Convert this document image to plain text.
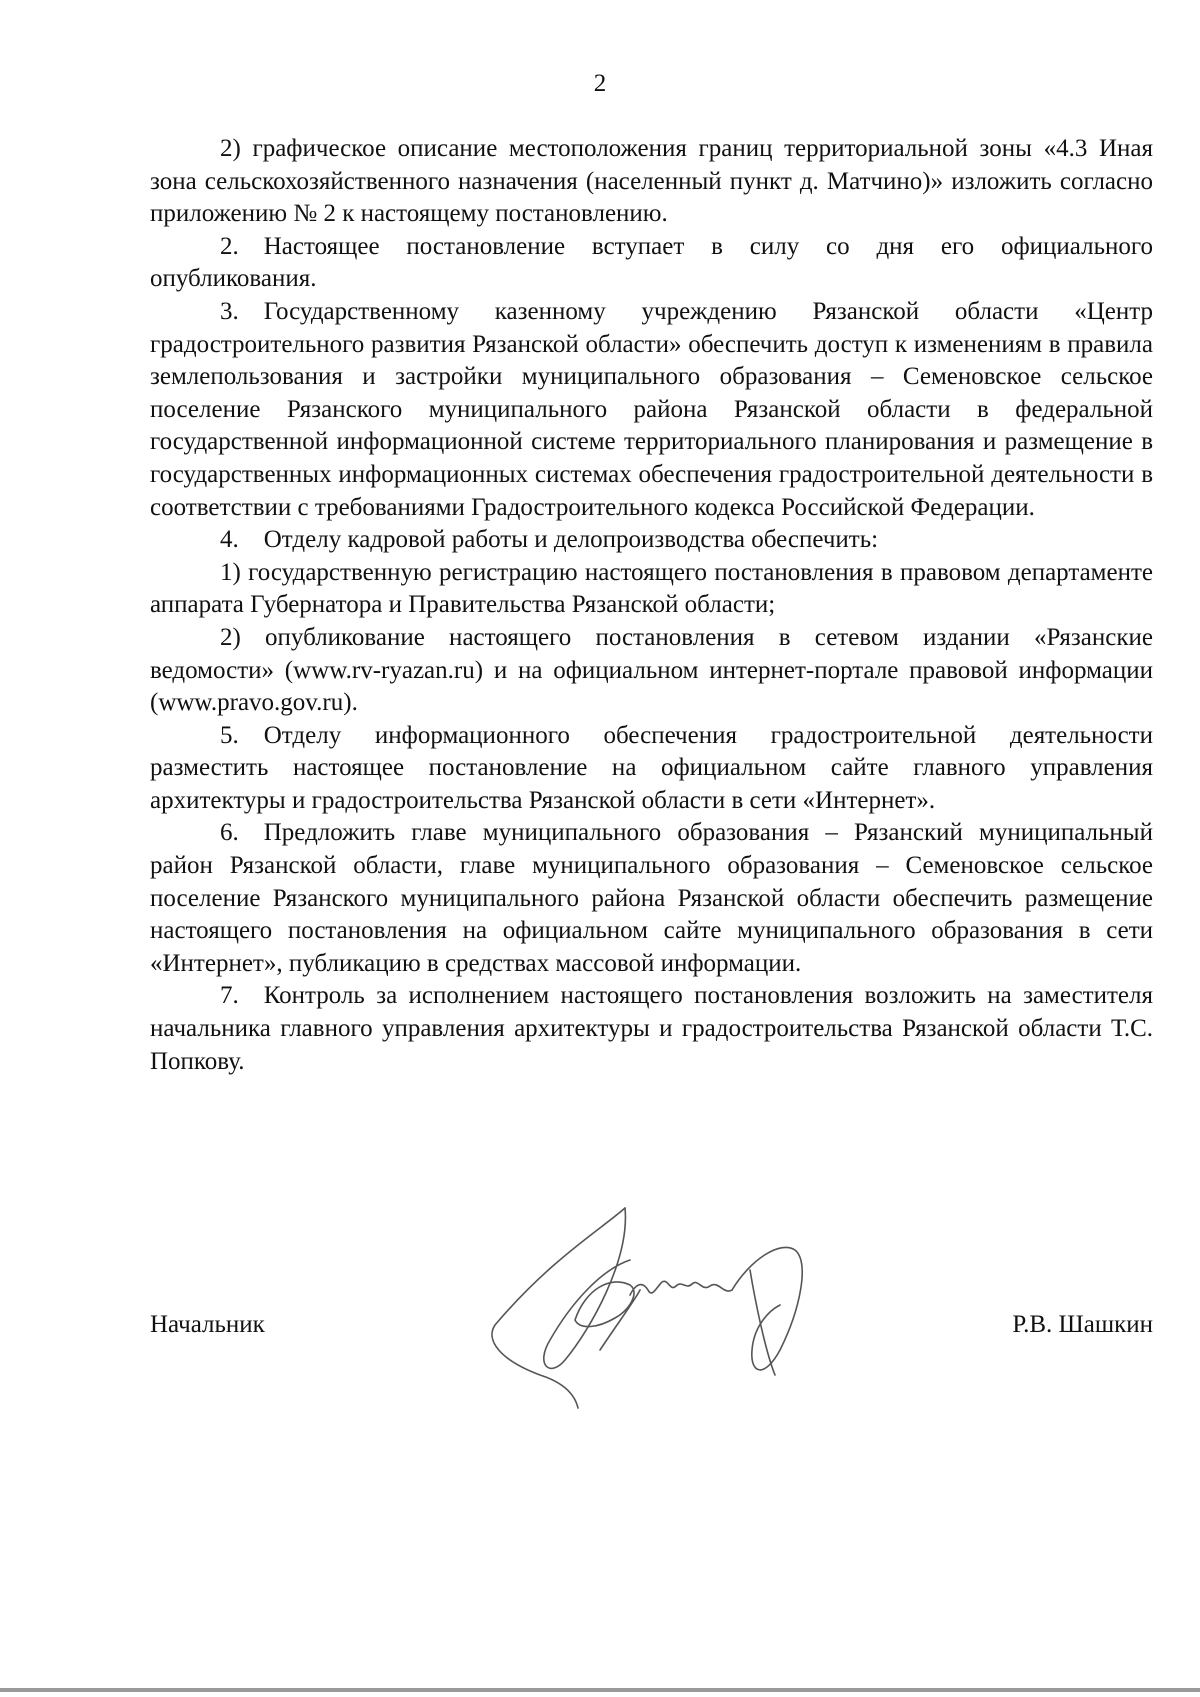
2

2) графическое описание местоположения границ территориальной зоны «4.3 Иная зона сельскохозяйственного назначения (населенный пункт д. Матчино)» изложить согласно приложению № 2 к настоящему постановлению.

2. Настоящее постановление вступает в силу со дня его официального опубликования.

3. Государственному казенному учреждению Рязанской области «Центр градостроительного развития Рязанской области» обеспечить доступ к изменениям в правила землепользования и застройки муниципального образования – Семеновское сельское поселение Рязанского муниципального района Рязанской области в федеральной государственной информационной системе территориального планирования и размещение в государственных информационных системах обеспечения градостроительной деятельности в соответствии с требованиями Градостроительного кодекса Российской Федерации.

4. Отделу кадровой работы и делопроизводства обеспечить:

1) государственную регистрацию настоящего постановления в правовом департаменте аппарата Губернатора и Правительства Рязанской области;

2) опубликование настоящего постановления в сетевом издании «Рязанские ведомости» (www.rv-ryazan.ru) и на официальном интернет-портале правовой информации (www.pravo.gov.ru).

5. Отделу информационного обеспечения градостроительной деятельности разместить настоящее постановление на официальном сайте главного управления архитектуры и градостроительства Рязанской области в сети «Интернет».

6. Предложить главе муниципального образования – Рязанский муниципальный район Рязанской области, главе муниципального образования – Семеновское сельское поселение Рязанского муниципального района Рязанской области обеспечить размещение настоящего постановления на официальном сайте муниципального образования в сети «Интернет», публикацию в средствах массовой информации.

7. Контроль за исполнением настоящего постановления возложить на заместителя начальника главного управления архитектуры и градостроительства Рязанской области Т.С. Попкову.

Начальник	Р.В. Шашкин
